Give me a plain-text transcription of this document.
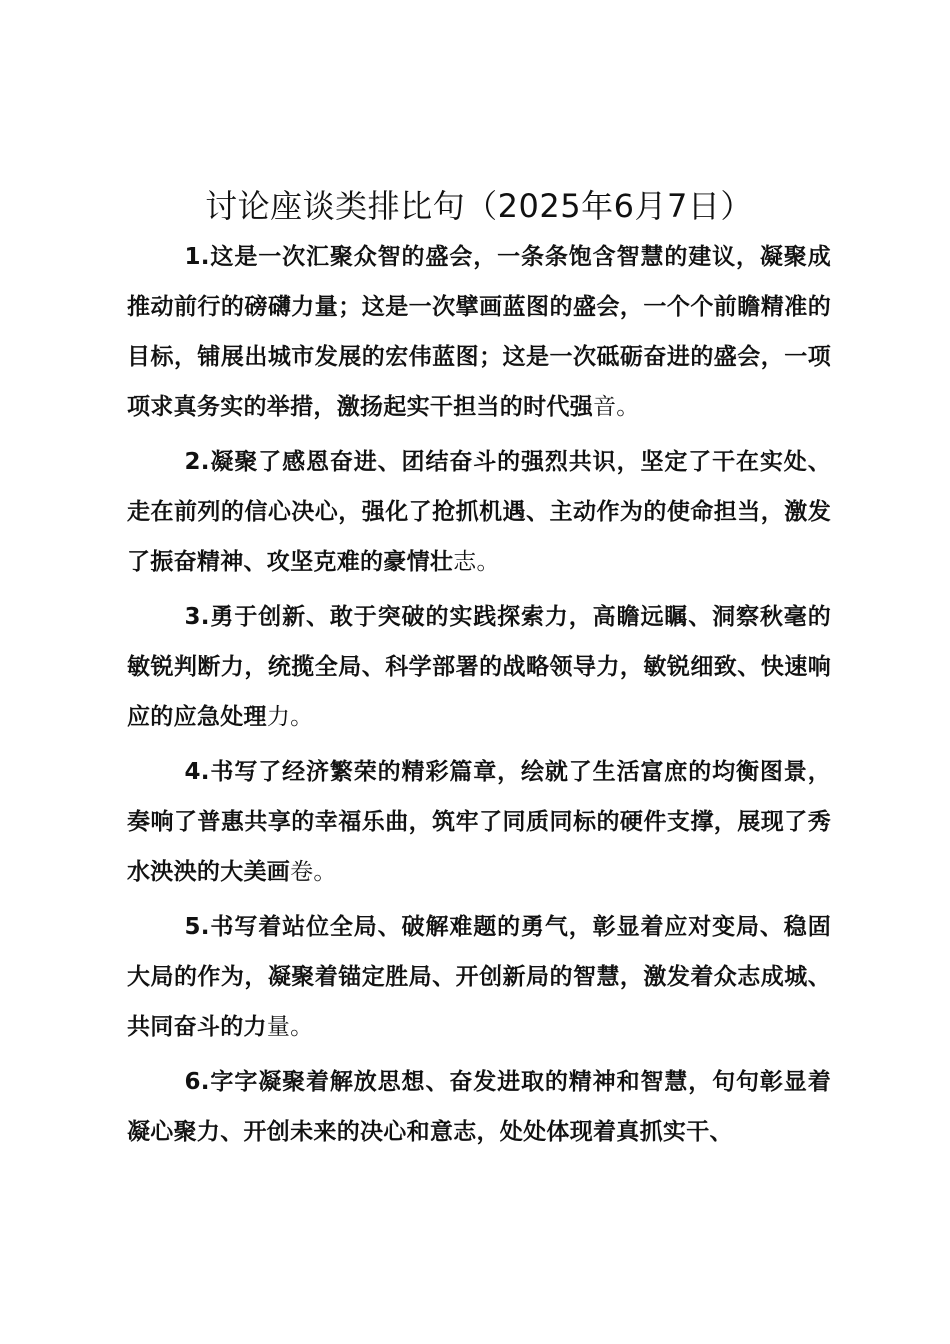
讨论座谈类排比句（2025年6月7日）

1.这是一次汇聚众智的盛会，一条条饱含智慧的建议，凝聚成推动前行的磅礴力量；这是一次擘画蓝图的盛会，一个个前瞻精准的目标，铺展出城市发展的宏伟蓝图；这是一次砥砺奋进的盛会，一项项求真务实的举措，激扬起实干担当的时代强音。

2.凝聚了感恩奋进、团结奋斗的强烈共识，坚定了干在实处、走在前列的信心决心，强化了抢抓机遇、主动作为的使命担当，激发了振奋精神、攻坚克难的豪情壮志。

3.勇于创新、敢于突破的实践探索力，高瞻远瞩、洞察秋毫的敏锐判断力，统揽全局、科学部署的战略领导力，敏锐细致、快速响应的应急处理力。

4.书写了经济繁荣的精彩篇章，绘就了生活富庶的均衡图景，奏响了普惠共享的幸福乐曲，筑牢了同质同标的硬件支撑，展现了秀水泱泱的大美画卷。

5.书写着站位全局、破解难题的勇气，彰显着应对变局、稳固大局的作为，凝聚着锚定胜局、开创新局的智慧，激发着众志成城、共同奋斗的力量。

6.字字凝聚着解放思想、奋发进取的精神和智慧，句句彰显着凝心聚力、开创未来的决心和意志，处处体现着真抓实干、
